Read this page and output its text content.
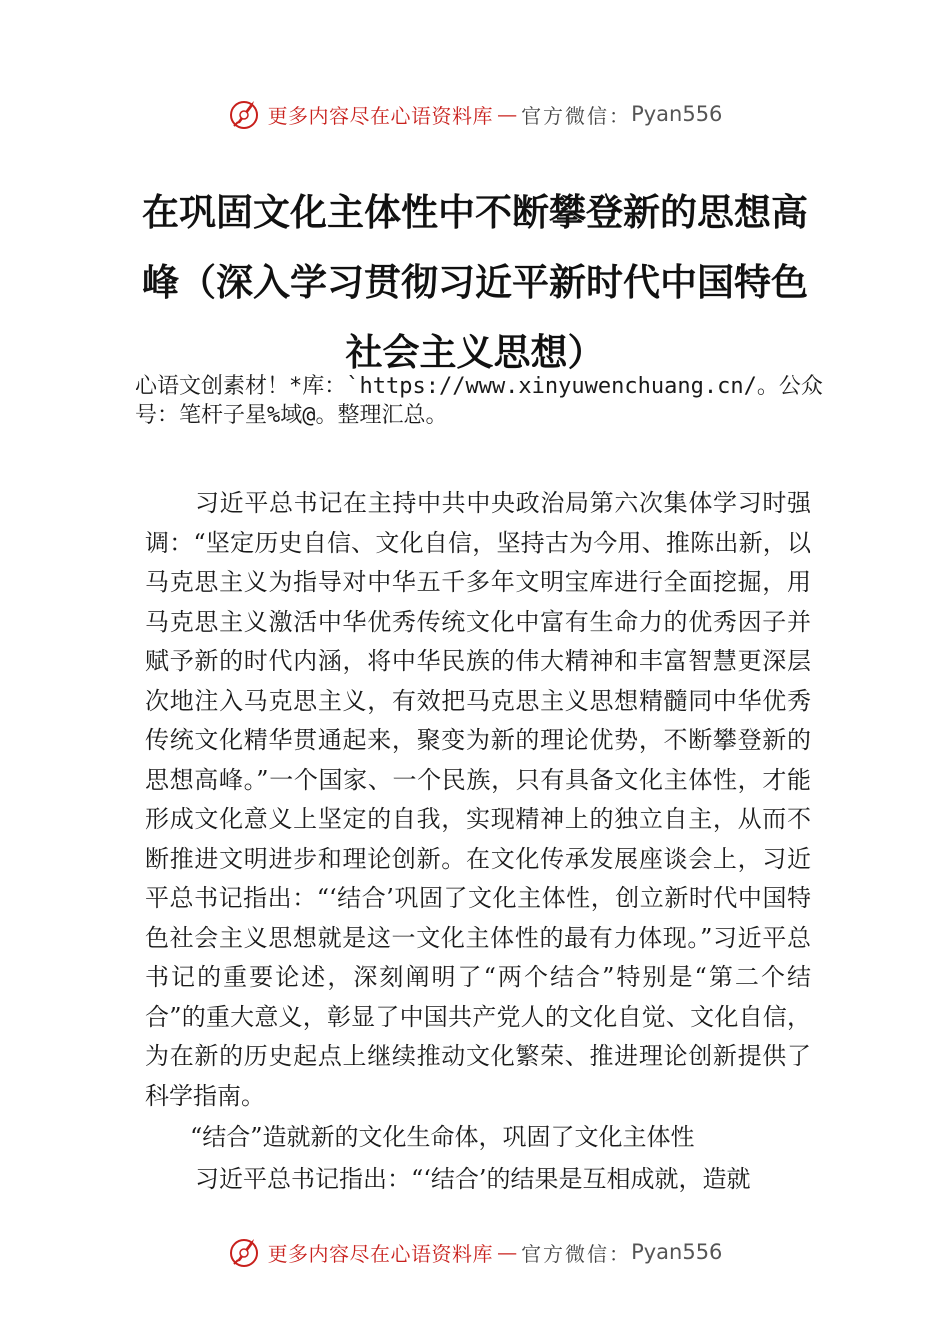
更多内容尽在心语资料库 — 官方微信： Pyan556
在巩固文化主体性中不断攀登新的思想高峰（深入学习贯彻习近平新时代中国特色社会主义思想）

心语文创素材！*库：`https://www.xinyuwenchuang.cn/。公众号：笔杆子星%域@。整理汇总。

习近平总书记在主持中共中央政治局第六次集体学习时强调：“坚定历史自信、文化自信，坚持古为今用、推陈出新，以马克思主义为指导对中华五千多年文明宝库进行全面挖掘，用马克思主义激活中华优秀传统文化中富有生命力的优秀因子并赋予新的时代内涵，将中华民族的伟大精神和丰富智慧更深层次地注入马克思主义，有效把马克思主义思想精髓同中华优秀传统文化精华贯通起来，聚变为新的理论优势，不断攀登新的思想高峰。”一个国家、一个民族，只有具备文化主体性，才能形成文化意义上坚定的自我，实现精神上的独立自主，从而不断推进文明进步和理论创新。在文化传承发展座谈会上，习近平总书记指出：“‘结合’巩固了文化主体性，创立新时代中国特色社会主义思想就是这一文化主体性的最有力体现。”习近平总书记的重要论述，深刻阐明了“两个结合”特别是“第二个结合”的重大意义，彰显了中国共产党人的文化自觉、文化自信，为在新的历史起点上继续推动文化繁荣、推进理论创新提供了科学指南。

“结合”造就新的文化生命体，巩固了文化主体性

习近平总书记指出：“‘结合’的结果是互相成就，造就

更多内容尽在心语资料库 — 官方微信： Pyan556
